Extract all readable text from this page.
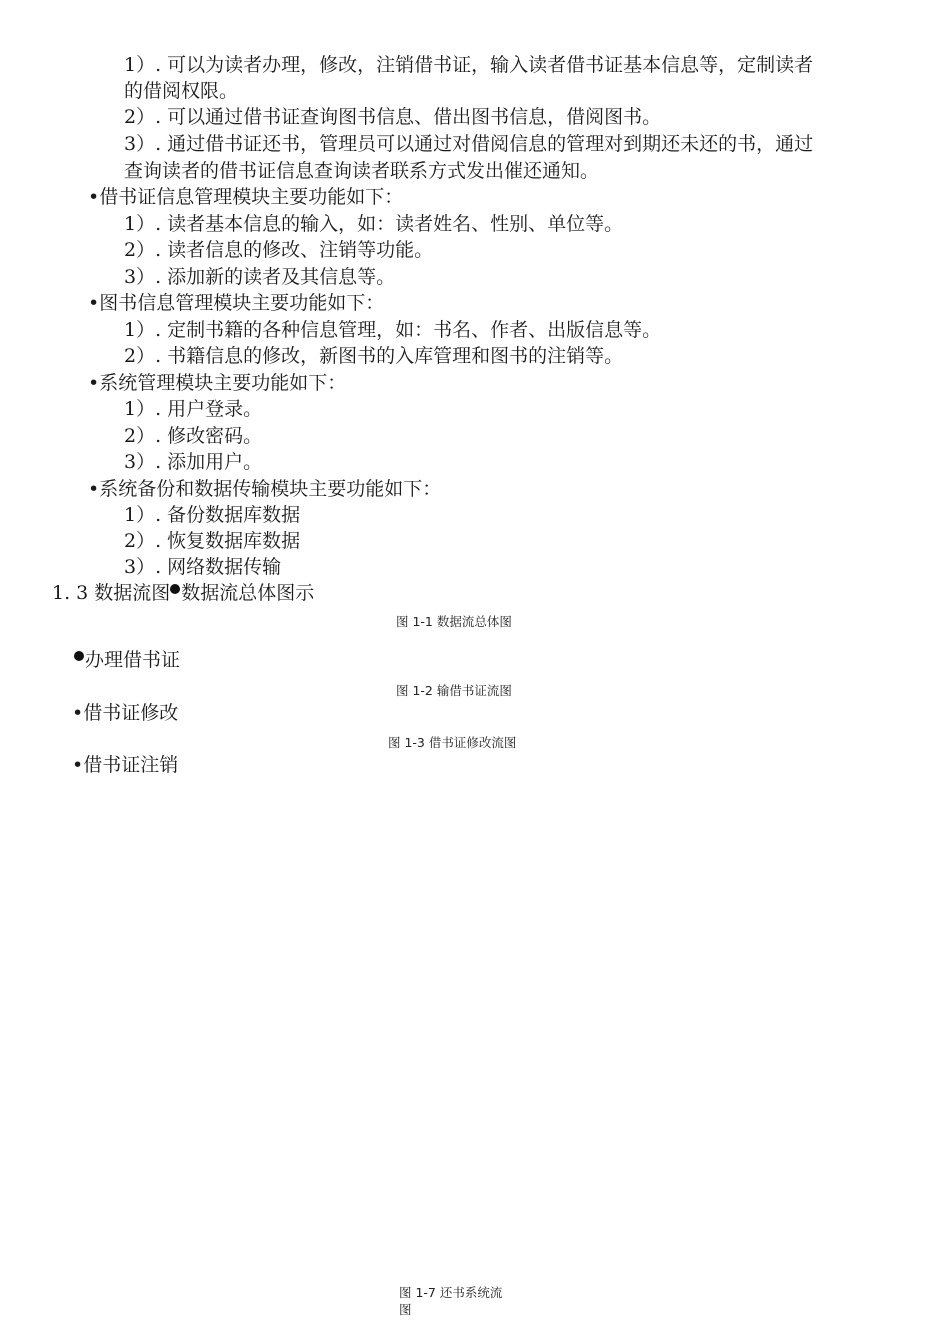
1）. 可以为读者办理，修改，注销借书证，输入读者借书证基本信息等，定制读者
的借阅权限。
2）. 可以通过借书证查询图书信息、借出图书信息，借阅图书。
3）. 通过借书证还书，管理员可以通过对借阅信息的管理对到期还未还的书，通过
查询读者的借书证信息查询读者联系方式发出催还通知。
•借书证信息管理模块主要功能如下：
1）. 读者基本信息的输入，如：读者姓名、性别、单位等。
2）. 读者信息的修改、注销等功能。
3）. 添加新的读者及其信息等。
•图书信息管理模块主要功能如下：
1）. 定制书籍的各种信息管理，如：书名、作者、出版信息等。
2）. 书籍信息的修改，新图书的入库管理和图书的注销等。
•系统管理模块主要功能如下：
1）. 用户登录。
2）. 修改密码。
3）. 添加用户。
•系统备份和数据传输模块主要功能如下：
1）. 备份数据库数据
2）. 恢复数据库数据
3）. 网络数据传输
1. 3 数据流图 数据流总体图示
图 1-1 数据流总体图
办理借书证
图 1-2 输借书证流图
•借书证修改
图 1-3 借书证修改流图
•借书证注销
图 1-7 还书系统流
图
